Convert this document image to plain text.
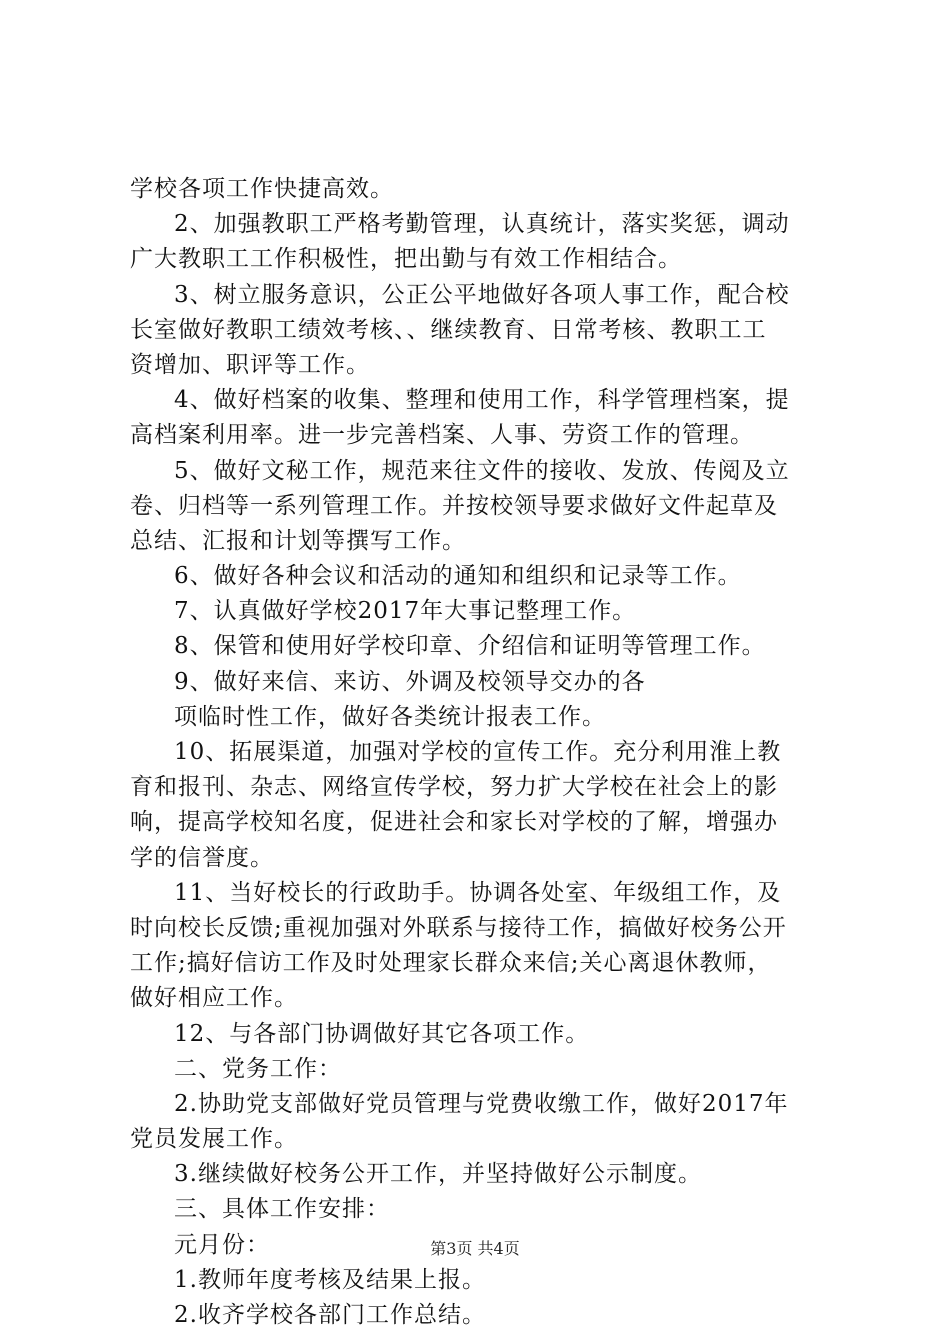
学校各项工作快捷高效。
2、加强教职工严格考勤管理，认真统计，落实奖惩，调动
广大教职工工作积极性，把出勤与有效工作相结合。
3、树立服务意识，公正公平地做好各项人事工作，配合校
长室做好教职工绩效考核、、继续教育、日常考核、教职工工
资增加、职评等工作。
4、做好档案的收集、整理和使用工作，科学管理档案，提
高档案利用率。进一步完善档案、人事、劳资工作的管理。
5、做好文秘工作，规范来往文件的接收、发放、传阅及立
卷、归档等一系列管理工作。并按校领导要求做好文件起草及
总结、汇报和计划等撰写工作。
6、做好各种会议和活动的通知和组织和记录等工作。
7、认真做好学校2017年大事记整理工作。
8、保管和使用好学校印章、介绍信和证明等管理工作。
9、做好来信、来访、外调及校领导交办的各
项临时性工作，做好各类统计报表工作。
10、拓展渠道，加强对学校的宣传工作。充分利用淮上教
育和报刊、杂志、网络宣传学校，努力扩大学校在社会上的影
响，提高学校知名度，促进社会和家长对学校的了解，增强办
学的信誉度。
11、当好校长的行政助手。协调各处室、年级组工作，及
时向校长反馈;重视加强对外联系与接待工作，搞做好校务公开
工作;搞好信访工作及时处理家长群众来信;关心离退休教师，
做好相应工作。
12、与各部门协调做好其它各项工作。
二、党务工作：
2.协助党支部做好党员管理与党费收缴工作，做好2017年
党员发展工作。
3.继续做好校务公开工作，并坚持做好公示制度。
三、具体工作安排：
元月份：
1.教师年度考核及结果上报。
2.收齐学校各部门工作总结。
第3页 共4页
